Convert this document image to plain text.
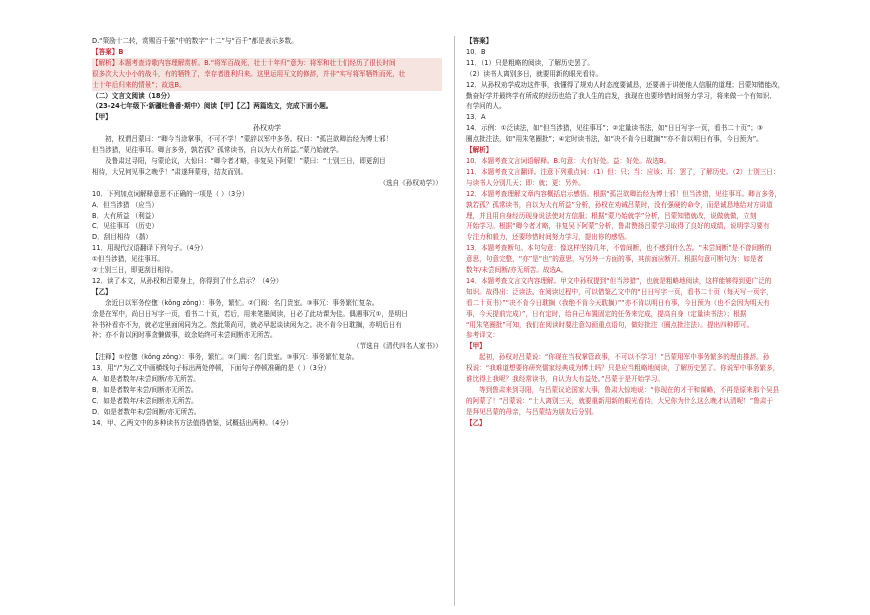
D.“策励十二转，赏赐百千强”中的数字“十二”与“百千”都是表示多数。
【答案】B
【解析】本题考查诗歌内容理解赏析。B.“将军百战死，壮士十年归”意为：将军和壮士们经历了很长时间
很多次大大小小的战斗，有的牺牲了，幸存者胜利归来。这里运用互文的修辞，并非“实写将军牺牲而死，壮
士十年后归来的情景”；故选B。
（二）文言文阅读（18分）
（23-24七年级下·新疆吐鲁番·期中）阅读【甲】【乙】两篇选文，完成下面小题。
【甲】
孙权劝学
初，权谓吕蒙曰：“卿今当涂掌事，不可不学！”蒙辞以军中多务。权曰：“孤岂欲卿治经为博士邪！
但当涉猎，见往事耳。卿言多务，孰若孤？孤常读书，自以为大有所益。”蒙乃始就学。
及鲁肃过寻阳，与蒙论议，大惊曰：“卿今者才略，非复吴下阿蒙！”蒙曰：“士别三日，即更刮目
相待，大兄何见事之晚乎！”肃遂拜蒙母，结友而别。
（选自《孙权劝学》）
10．下列加点词解释意思不正确的一项是（ ）（3分）
A．但当涉猎 （应当）
B．大有所益 （利益）
C．见往事耳 （历史）
D．刮目相待 （揩）
11．用现代汉语翻译下列句子。（4分）
①但当涉猎，见往事耳。
②士别三日，即更刮目相待。
12．读了本文，从孙权和吕蒙身上，你得到了什么启示？（4分）
【乙】
余近日以军务倥偬（kǒng zǒng）：事务，繁忙。②门阀：名门贵室。③事冗：事务繁忙复杂。
余是在军中，尚日日写字一页，看书二十页，若后，用来笔墨阅读，日必了此功课为佳。偶遇事冗①，是明日
补书补看亦不为，就必定里面闲同为之。然此策尚可，就必早起谈读闲为之。决不肯今日耽搁，亦明后日有
补；亦不肯以闲时事贪懒做事，故余始终可未尝间断亦无所苦。
（节选自《清代四名人家书》）
【注释】①倥偬（kǒng zǒng）：事务，繁忙。②门阀：名门贵室。③事冗：事务繁忙复杂。
13．用“/”为乙文中画横线句子标出两处停顿，下面句子停顿准确的是（ ）（3分）
A．如是者数年/未尝间断/亦无所苦。
B．如是者数年未尝/间断亦无所苦。
C．如是者数年/未尝间断亦无所苦。
D．如是者数年未/尝间断/亦无所苦。
14．甲、乙两文中的多种读书方法值得借鉴，试概括出两种。（4分）
【答案】
10．B
11．（1）只是粗略的阅读，了解历史罢了。
（2）读书人离别多日，就要用新的眼光看待。
12．从孙权劝学成功这件事，我懂得了规劝人时态度要诚恳，还要善于讲使他人信服的道理；吕蒙知错能改，
勤奋好学并最终学有所成的经历也给了我人生的启发，我现在也要珍惜时间努力学习，将来做一个有知识、
有学问的人。
13．A
14．示例：①泛读法，如“但当涉猎，见往事耳”；②定量读书法，如“日日写字一页，看书二十页”；③
圈点批注法，如“用朱笔圈批”；④定时读书法，如“决不肯今日耽搁”“亦不肯以明日有事，今日预为”。
【解析】
10．本题考查文言词语解释。B.句意：大有好处。益：好处。故选B。
11．本题考查文言翻译。注意下列重点词：（1）但：只；当：应该；耳：罢了，了解历史。（2）士别三日：
与读书人分别几天；即：就；更：另外。
12．本题考查理解文章内容概括启示感悟。根据“孤岂欲卿治经为博士邪！但当涉猎，见往事耳。卿言多务，
孰若孤？孤常读书，自以为大有所益”分析，孙权在劝诫吕蒙时，没有强硬的命令，而是诚恳地给对方讲道
理，并且用自身经历现身说法使对方信服；根据“蒙乃始就学”分析，吕蒙知错就改，说做就做，立刻
开始学习。根据“卿今者才略，非复吴下阿蒙”分析，鲁肃赞扬吕蒙学习取得了良好的成绩，说明学习要有
专注力和毅力，还要珍惜时间努力学习，提出你的感悟。
13．本题考查断句。本句句意：像这样坚持几年，不曾间断，也不感到什么苦。“未尝间断”是不曾间断的
意思，句意完整，“亦”是“也”的意思，写另外一方面的事，其前面应断开。根据句意可断句为：如是者
数年/未尝间断/亦无所苦。故选A。
14．本题考查文言文内容理解。甲文中孙权提到“但当涉猎”，也就是粗略地阅读，这样能够得到更广泛的
知识。故得出：泛读法。在阅读过程中，可以借鉴乙文中的“日日写字一页，看书二十页（每天写一页字，
看二十页书）”“决不肯今日耽搁（我绝不肯今天耽搁）”“亦不肯以明日有事，今日预为（也不会因为明天有
事，今天提前完成）”，日有定时，给自己布置固定的任务来完成，提高自身（定量读书法）；根据
“用朱笔圈批”可知，我们在阅读时要注意勾画重点语句，做好批注（圈点批注法）。提出四种即可。
参考译文：
【甲】
起初，孙权对吕蒙说：“你现在当权掌管政事，不可以不学习！”吕蒙用军中事务繁多的理由推辞。孙
权说：“我难道想要你研究儒家经典成为博士吗？只是应当粗略地阅读，了解历史罢了。你说军中事务繁多，
谁比得上我呢？我经常读书，自认为大有益处。”吕蒙于是开始学习。
等到鲁肃来到寻阳，与吕蒙议论国家大事，鲁肃大惊地说：“你现在的才干和谋略，不再是原来那个吴县
的阿蒙了！”吕蒙说：“士人离别三天，就要重新用新的眼光看待，大兄你为什么这么晚才认清呢！”鲁肃于
是拜见吕蒙的母亲，与吕蒙结为朋友后分别。
【乙】
